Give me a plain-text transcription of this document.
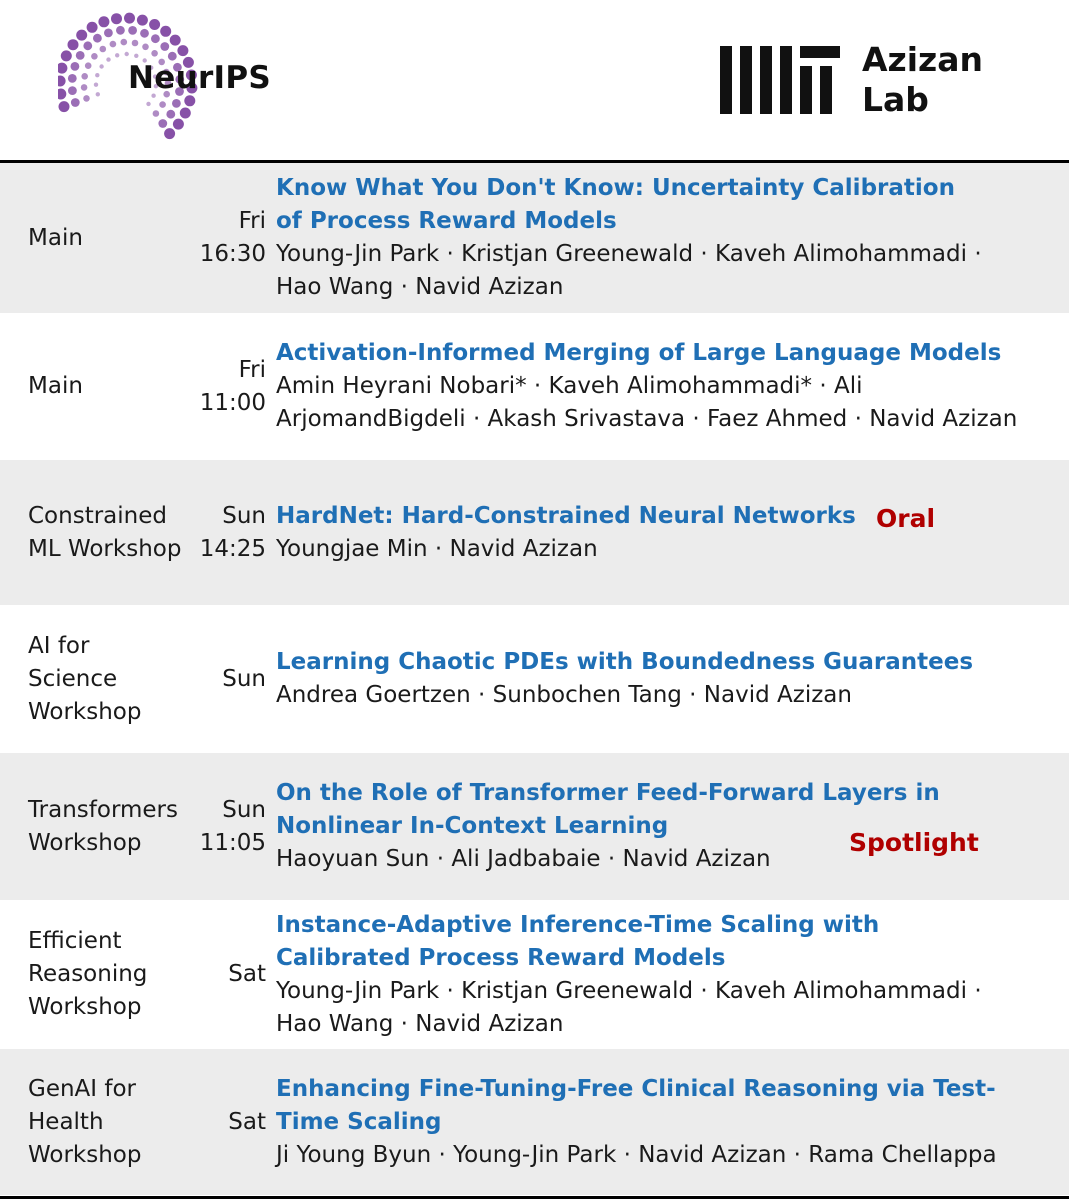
NeurIPS	Azizan
Lab
Main
Fri
16:30
Know What You Don't Know: Uncertainty Calibration of Process Reward Models
Young-Jin Park · Kristjan Greenewald · Kaveh Alimohammadi · Hao Wang · Navid Azizan
Main
Fri
11:00
Activation-Informed Merging of Large Language Models
Amin Heyrani Nobari* · Kaveh Alimohammadi* · Ali ArjomandBigdeli · Akash Srivastava · Faez Ahmed · Navid Azizan
Constrained ML Workshop
Sun
14:25
HardNet: Hard-Constrained Neural Networks
Youngjae Min · Navid Azizan
Oral
AI for Science Workshop
Sun
Learning Chaotic PDEs with Boundedness Guarantees
Andrea Goertzen · Sunbochen Tang · Navid Azizan
Transformers Workshop
Sun
11:05
On the Role of Transformer Feed-Forward Layers in Nonlinear In-Context Learning
Haoyuan Sun · Ali Jadbabaie · Navid Azizan
Spotlight
Efficient Reasoning Workshop
Sat
Instance-Adaptive Inference-Time Scaling with Calibrated Process Reward Models
Young-Jin Park · Kristjan Greenewald · Kaveh Alimohammadi · Hao Wang · Navid Azizan
GenAI for Health Workshop
Sat
Enhancing Fine-Tuning-Free Clinical Reasoning via Test-Time Scaling
Ji Young Byun · Young-Jin Park · Navid Azizan · Rama Chellappa
